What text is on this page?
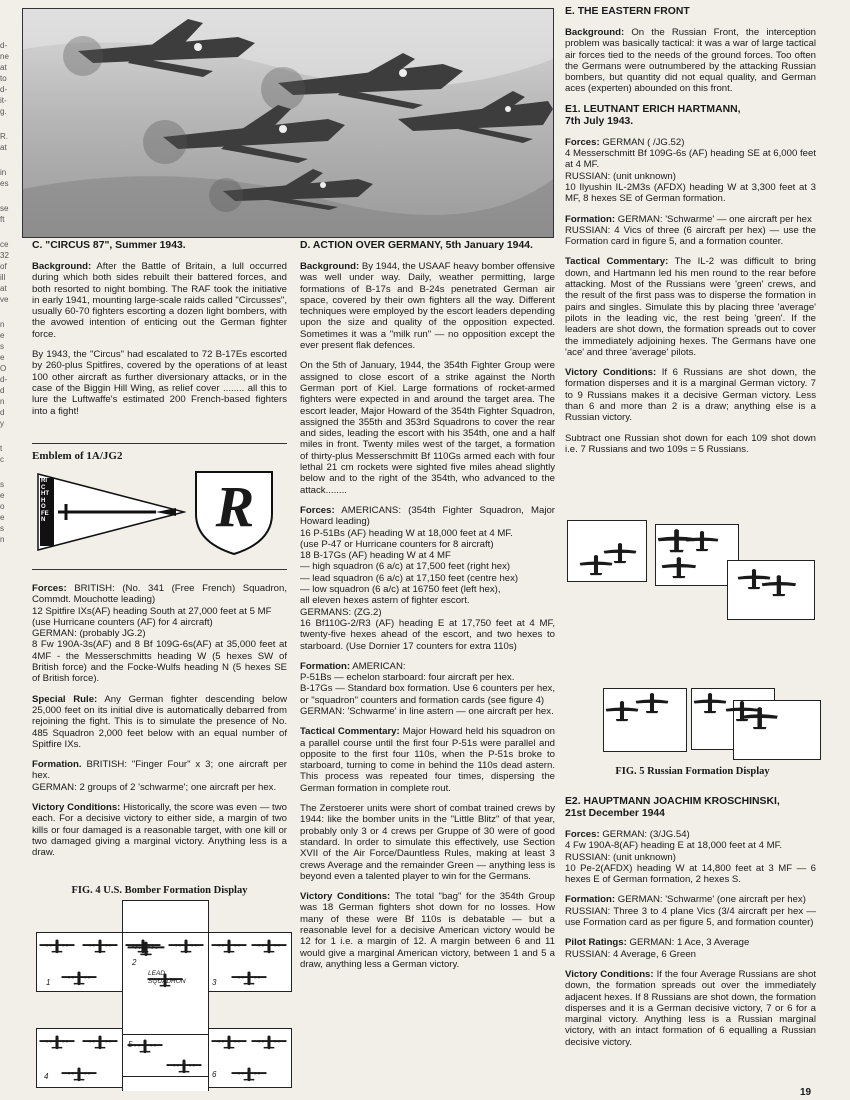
d-
ne
at
to
d-
it-
g.
R.
at
in
es
se
ft
ce
32
of
ill
at
ve
n
e
s
e
O
d-
d
n
d
y
t
c
s
e
o
e
s
n

C. "CIRCUS 87", Summer 1943.

Background: After the Battle of Britain, a lull occurred during which both sides rebuilt their battered forces, and both resorted to night bombing. The RAF took the initiative in early 1941, mounting large-scale raids called "Circusses", usually 60-70 fighters escorting a dozen light bombers, with the avowed intention of enticing out the German fighter force.

By 1943, the "Circus" had escalated to 72 B-17Es escorted by 260-plus Spitfires, covered by the operations of at least 100 other aircraft as further diversionary attacks, or in the case of the Biggin Hill Wing, as relief cover ........ all this to lure the Luftwaffe's estimated 200 French-based fighters into a fight!

Emblem of 1A/JG2
RICHTHOFEN	R

Forces: BRITISH: (No. 341 (Free French) Squadron, Commdt. Mouchotte leading)
12 Spitfire IXs(AF) heading South at 27,000 feet at 5 MF
(use Hurricane counters (AF) for 4 aircraft)
GERMAN: (probably JG.2)
8 Fw 190A-3s(AF) and 8 Bf 109G-6s(AF) at 35,000 feet at 4MF - the Messerschmitts heading W (5 hexes SW of British force) and the Focke-Wulfs heading N (5 hexes SE of British force).

Special Rule: Any German fighter descending below 25,000 feet on its initial dive is automatically debarred from rejoining the fight. This is to simulate the presence of No. 485 Squadron 2,000 feet below with an equal number of Spitfire IXs.

Formation. BRITISH: "Finger Four" x 3; one aircraft per hex.
GERMAN: 2 groups of 2 'schwarme'; one aircraft per hex.

Victory Conditions: Historically, the score was even — two each. For a decisive victory to either side, a margin of two kills or four damaged is a reasonable target, with one kill or two damaged giving a marginal victory. Anything less is a draw.

FIG. 4 U.S. Bomber Formation Display
1
2
3
LEAD
SQUADRON
4
5
6

D. ACTION OVER GERMANY, 5th January 1944.

Background: By 1944, the USAAF heavy bomber offensive was well under way. Daily, weather permitting, large formations of B-17s and B-24s penetrated German air space, covered by their own fighters all the way. Different techniques were employed by the escort leaders depending upon the size and quality of the opposition expected. Sometimes it was a "milk run" — no opposition except the ever present flak defences.

On the 5th of January, 1944, the 354th Fighter Group were assigned to close escort of a strike against the North German port of Kiel. Large formations of rocket-armed fighters were expected in and around the target area. The escort leader, Major Howard of the 354th Fighter Squadron, assigned the 355th and 353rd Squadrons to cover the rear and sides, leading the escort with his 354th, one and a half miles in front. Twenty miles west of the target, a formation of thirty-plus Messerschmitt Bf 110Gs armed each with four lethal 21 cm rockets were sighted five miles ahead slightly below and to the right of the 354th, who advanced to the attack........

Forces: AMERICANS: (354th Fighter Squadron, Major Howard leading)
16 P-51Bs (AF) heading W at 18,000 feet at 4 MF.
(use P-47 or Hurricane counters for 8 aircraft)
18 B-17Gs (AF) heading W at 4 MF
— high squadron (6 a/c) at 17,500 feet (right hex)
— lead squadron (6 a/c) at 17,150 feet (centre hex)
— low squadron (6 a/c) at 16750 feet (left hex),
all eleven hexes astern of fighter escort.
GERMANS: (ZG.2)
16 Bf110G-2/R3 (AF) heading E at 17,750 feet at 4 MF, twenty-five hexes ahead of the escort, and two hexes to starboard. (Use Dornier 17 counters for extra 110s)

Formation: AMERICAN:
P-51Bs — echelon starboard: four aircraft per hex.
B-17Gs — Standard box formation. Use 6 counters per hex, or "squadron" counters and formation cards (see figure 4)
GERMAN: 'Schwarme' in line astern — one aircraft per hex.

Tactical Commentary: Major Howard held his squadron on a parallel course until the first four P-51s were parallel and opposite to the first four 110s, when the P-51s broke to starboard, turning to come in behind the 110s dead astern. This process was repeated four times, dispersing the German formation in complete rout.

The Zerstoerer units were short of combat trained crews by 1944: like the bomber units in the "Little Blitz" of that year, probably only 3 or 4 crews per Gruppe of 30 were of good standard. In order to simulate this effectively, use Section XVII of the Air Force/Dauntless Rules, making at least 3 crews Average and the remainder Green — anything less is beyond even a talented player to win for the Germans.

Victory Conditions: The total "bag" for the 354th Group was 18 German fighters shot down for no losses. How many of these were Bf 110s is debatable — but a reasonable level for a decisive American victory would be 12 for 1 i.e. a margin of 12. A margin between 6 and 11 would give a marginal American victory, between 1 and 5 a draw, anything less a German victory.

E. THE EASTERN FRONT

Background: On the Russian Front, the interception problem was basically tactical: it was a war of large tactical air forces tied to the needs of the ground forces. Too often the Germans were outnumbered by the attacking Russian bombers, but quantity did not equal quality, and German aces (experten) abounded on this front.

E1. LEUTNANT ERICH HARTMANN,
7th July 1943.

Forces: GERMAN ( /JG.52)
4 Messerschmitt Bf 109G-6s (AF) heading SE at 6,000 feet at 4 MF.
RUSSIAN: (unit unknown)
10 Ilyushin IL-2M3s (AFDX) heading W at 3,300 feet at 3 MF, 8 hexes SE of German formation.

Formation: GERMAN: 'Schwarme' — one aircraft per hex
RUSSIAN: 4 Vics of three (6 aircraft per hex) — use the Formation card in figure 5, and a formation counter.

Tactical Commentary: The IL-2 was difficult to bring down, and Hartmann led his men round to the rear before attacking. Most of the Russians were 'green' crews, and the result of the first pass was to disperse the formation in pairs and singles. Simulate this by placing three 'average' pilots in the leading vic, the rest being 'green'. If the leaders are shot down, the formation spreads out to cover the immediately adjoining hexes. The Germans have one 'ace' and three 'average' pilots.

Victory Conditions: If 6 Russians are shot down, the formation disperses and it is a marginal German victory. 7 to 9 Russians makes it a decisive German victory. Less than 6 and more than 2 is a draw; anything else is a Russian victory.

Subtract one Russian shot down for each 109 shot down i.e. 7 Russians and two 109s = 5 Russians.

FIG. 5 Russian Formation Display

E2. HAUPTMANN JOACHIM KROSCHINSKI,
21st December 1944

Forces: GERMAN: (3/JG.54)
4 Fw 190A-8(AF) heading E at 18,000 feet at 4 MF.
RUSSIAN: (unit unknown)
10 Pe-2(AFDX) heading W at 14,800 feet at 3 MF — 6 hexes E of German formation, 2 hexes S.

Formation: GERMAN: 'Schwarme' (one aircraft per hex)
RUSSIAN: Three 3 to 4 plane Vics (3/4 aircraft per hex — use Formation card as per figure 5, and formation counter)

Pilot Ratings: GERMAN: 1 Ace, 3 Average
RUSSIAN: 4 Average, 6 Green

Victory Conditions: If the four Average Russians are shot down, the formation spreads out over the immediately adjacent hexes. If 8 Russians are shot down, the formation disperses and it is a German decisive victory, 7 or 6 for a marginal victory. Anything less is a Russian marginal victory, with an intact formation of 6 equalling a Russian decisive victory.

19
